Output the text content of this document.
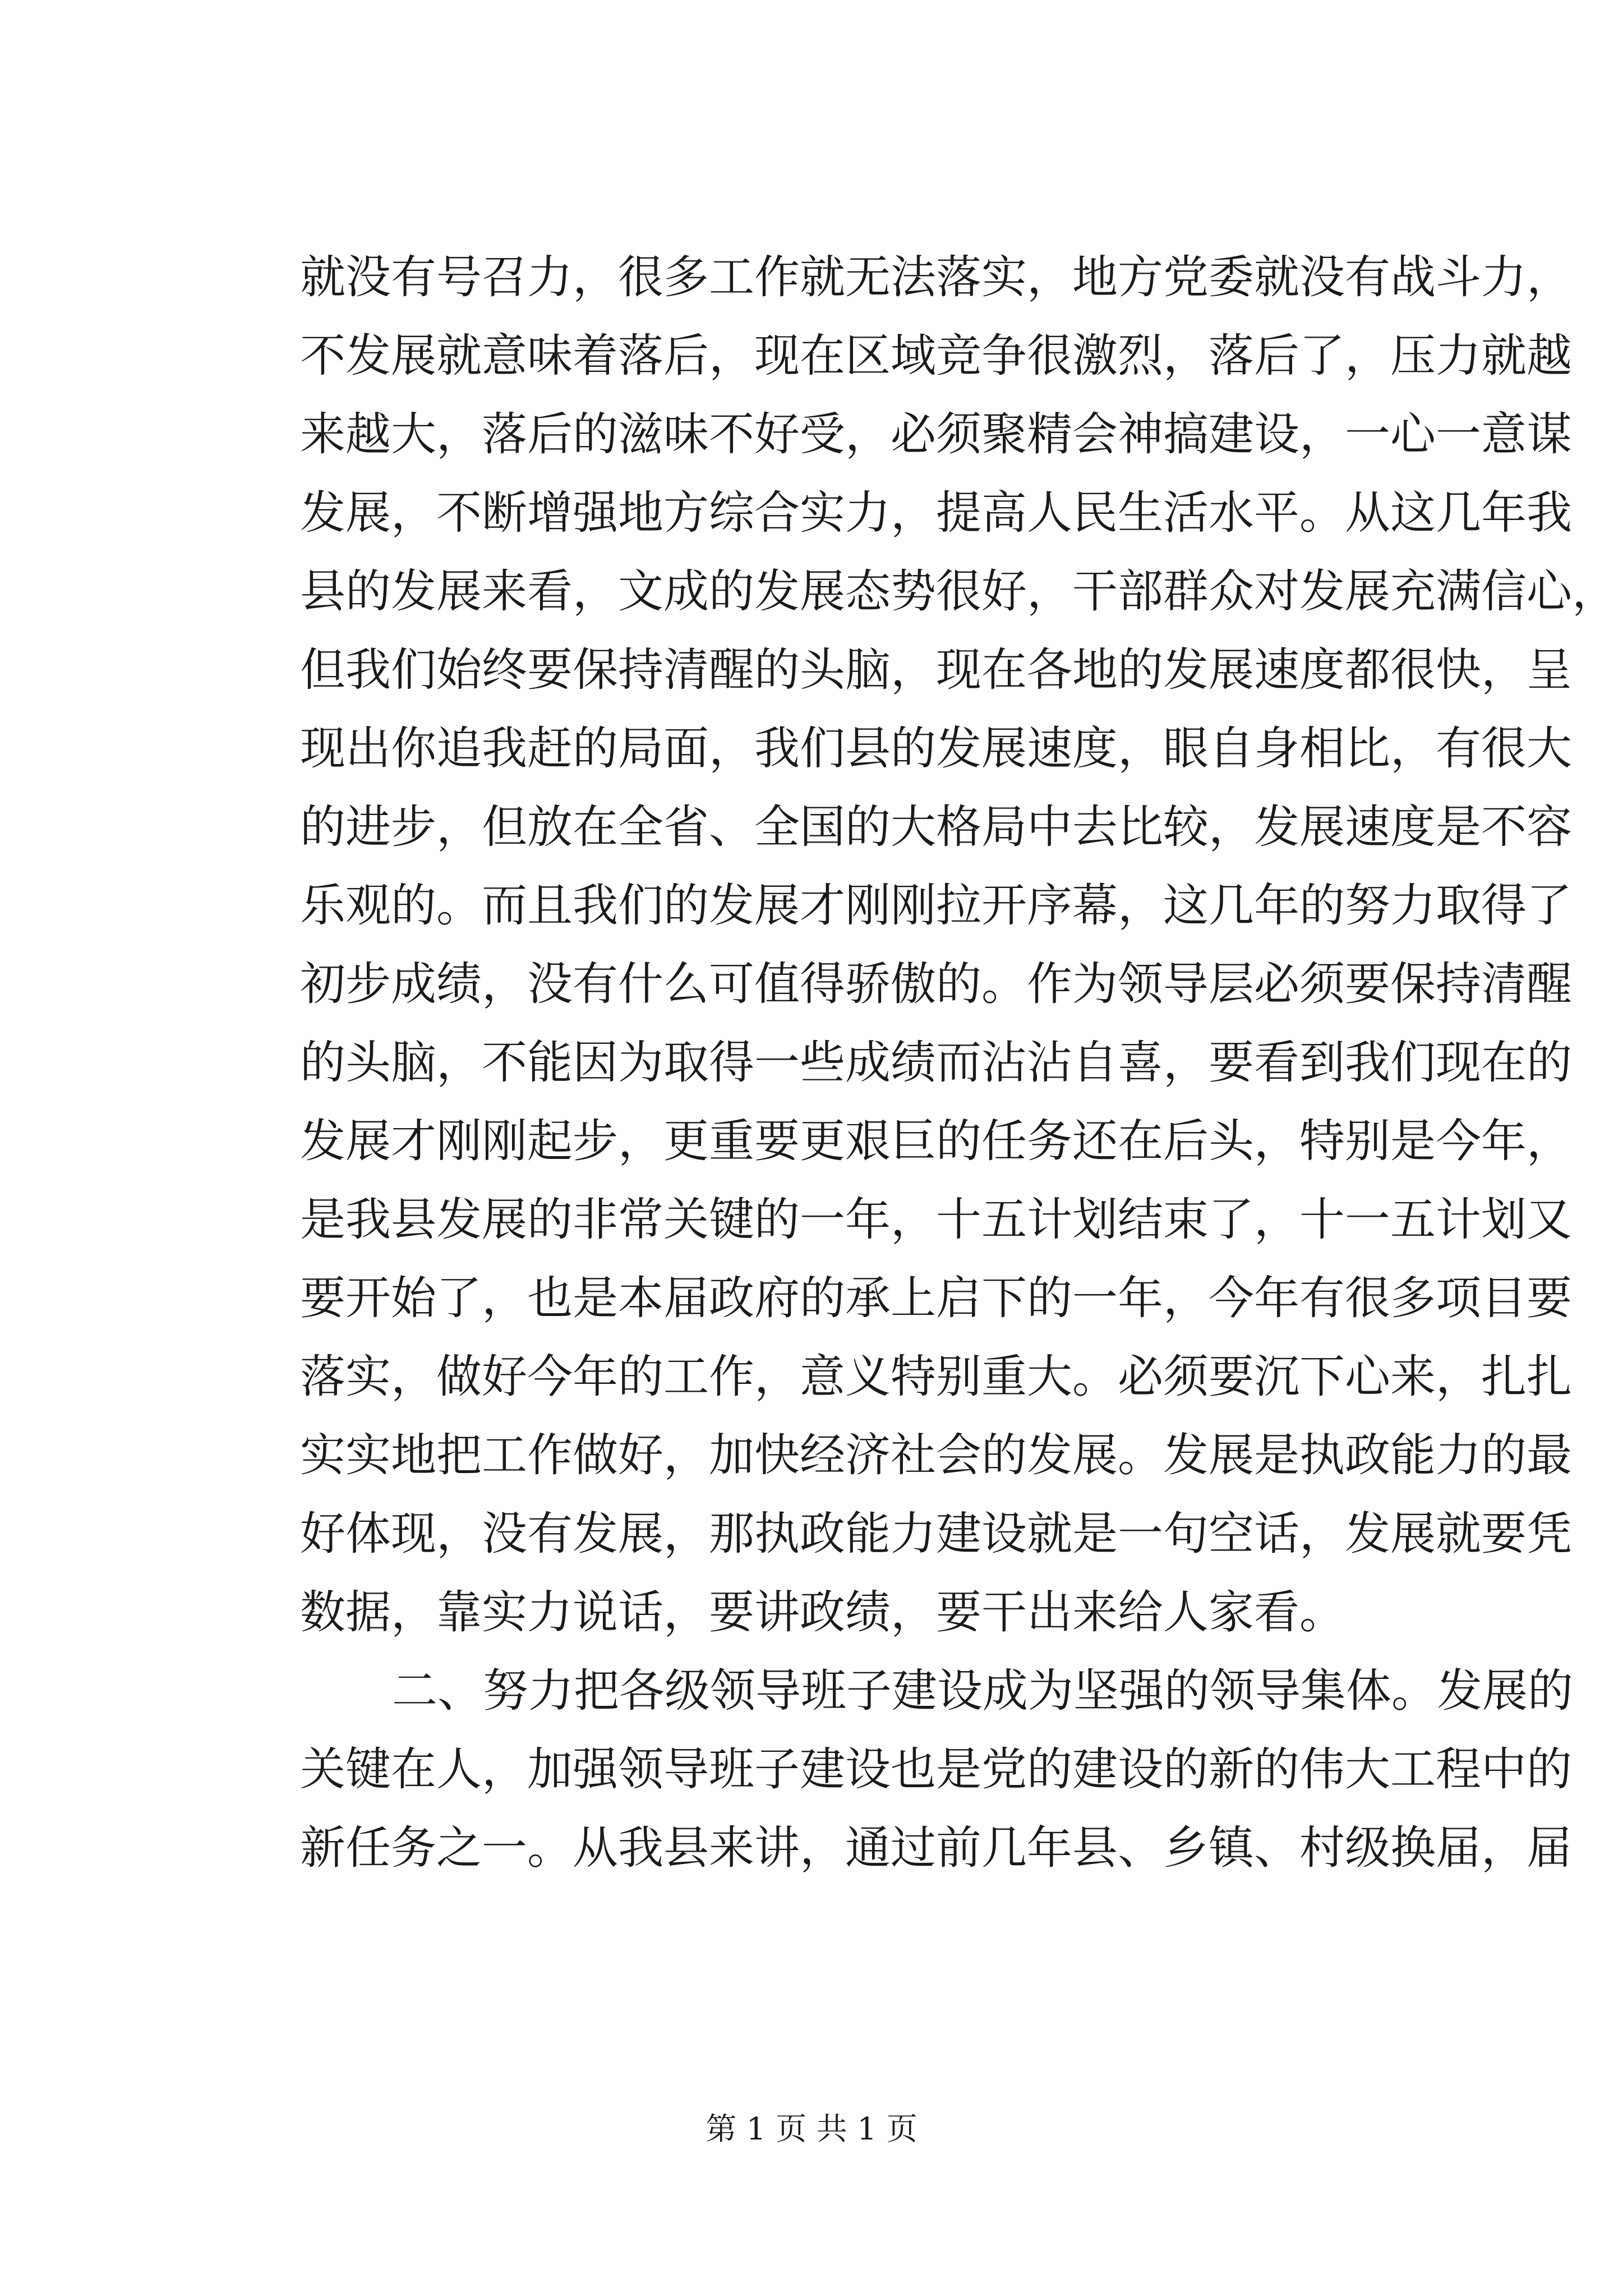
就没有号召力，很多工作就无法落实，地方党委就没有战斗力，
不发展就意味着落后，现在区域竞争很激烈，落后了，压力就越
来越大，落后的滋味不好受，必须聚精会神搞建设，一心一意谋
发展，不断增强地方综合实力，提高人民生活水平。从这几年我
县的发展来看，文成的发展态势很好，干部群众对发展充满信心，
但我们始终要保持清醒的头脑，现在各地的发展速度都很快，呈
现出你追我赶的局面，我们县的发展速度，眼自身相比，有很大
的进步，但放在全省、全国的大格局中去比较，发展速度是不容
乐观的。而且我们的发展才刚刚拉开序幕，这几年的努力取得了
初步成绩，没有什么可值得骄傲的。作为领导层必须要保持清醒
的头脑，不能因为取得一些成绩而沾沾自喜，要看到我们现在的
发展才刚刚起步，更重要更艰巨的任务还在后头，特别是今年，
是我县发展的非常关键的一年，十五计划结束了，十一五计划又
要开始了，也是本届政府的承上启下的一年，今年有很多项目要
落实，做好今年的工作，意义特别重大。必须要沉下心来，扎扎
实实地把工作做好，加快经济社会的发展。发展是执政能力的最
好体现，没有发展，那执政能力建设就是一句空话，发展就要凭
数据，靠实力说话，要讲政绩，要干出来给人家看。
二、努力把各级领导班子建设成为坚强的领导集体。发展的
关键在人，加强领导班子建设也是党的建设的新的伟大工程中的
新任务之一。从我县来讲，通过前几年县、乡镇、村级换届，届
第 1 页 共 1 页
